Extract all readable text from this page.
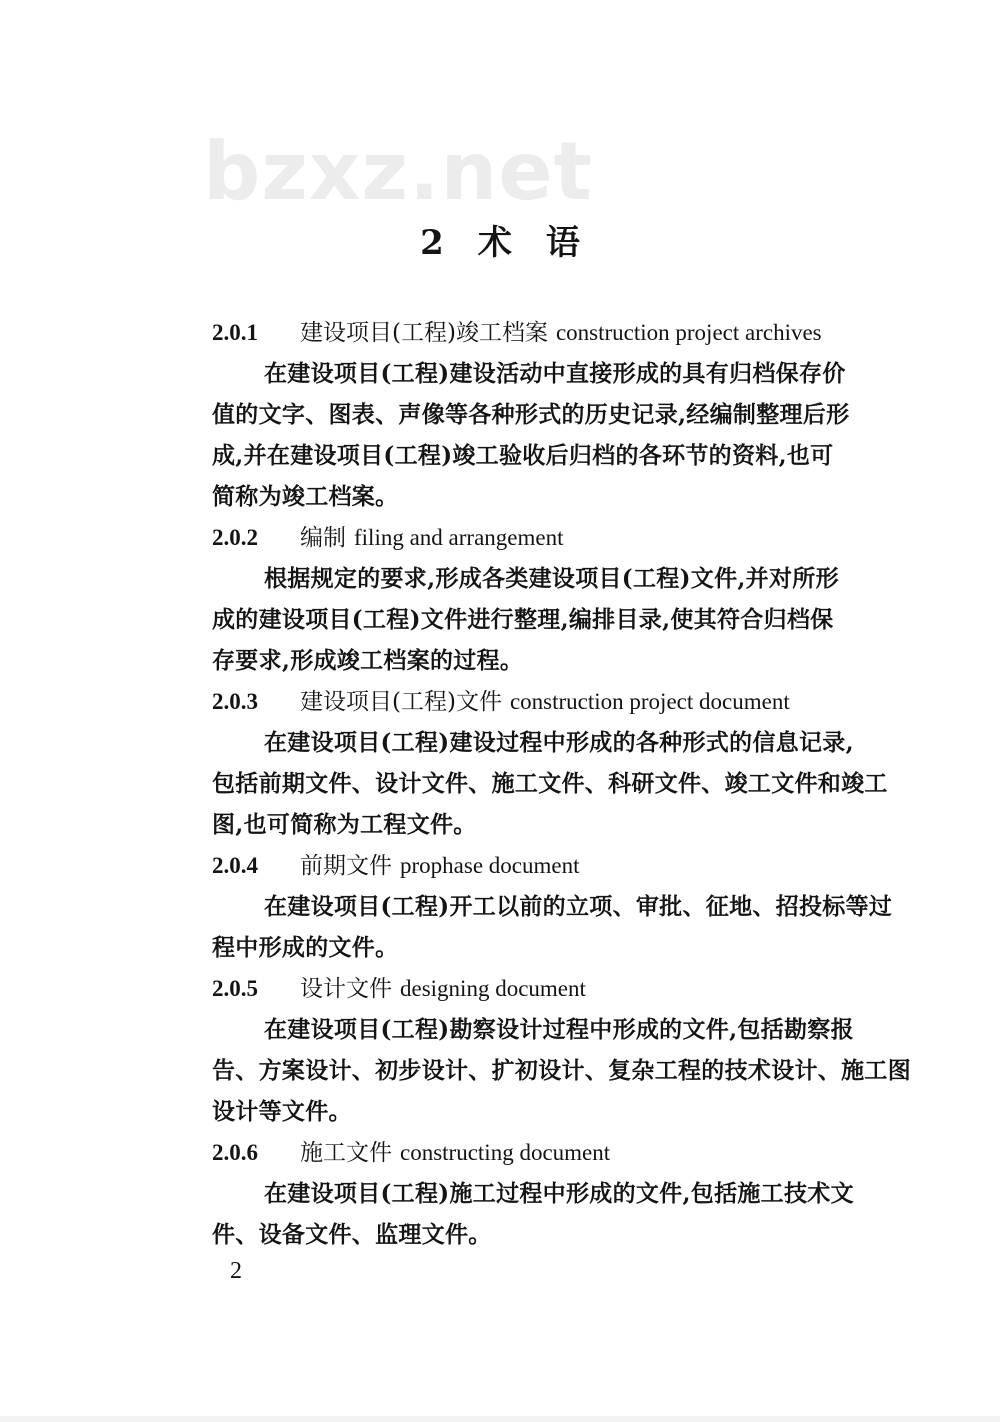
bzxz.net
2 术 语
2.0.1 建设项目(工程)竣工档案 construction project archives

在建设项目(工程)建设活动中直接形成的具有归档保存价

值的文字、图表、声像等各种形式的历史记录,经编制整理后形

成,并在建设项目(工程)竣工验收后归档的各环节的资料,也可

简称为竣工档案。

2.0.2 编制 filing and arrangement

根据规定的要求,形成各类建设项目(工程)文件,并对所形

成的建设项目(工程)文件进行整理,编排目录,使其符合归档保

存要求,形成竣工档案的过程。

2.0.3 建设项目(工程)文件 construction project document

在建设项目(工程)建设过程中形成的各种形式的信息记录,

包括前期文件、设计文件、施工文件、科研文件、竣工文件和竣工

图,也可简称为工程文件。

2.0.4 前期文件 prophase document

在建设项目(工程)开工以前的立项、审批、征地、招投标等过

程中形成的文件。

2.0.5 设计文件 designing document

在建设项目(工程)勘察设计过程中形成的文件,包括勘察报

告、方案设计、初步设计、扩初设计、复杂工程的技术设计、施工图

设计等文件。

2.0.6 施工文件 constructing document

在建设项目(工程)施工过程中形成的文件,包括施工技术文

件、设备文件、监理文件。

2
